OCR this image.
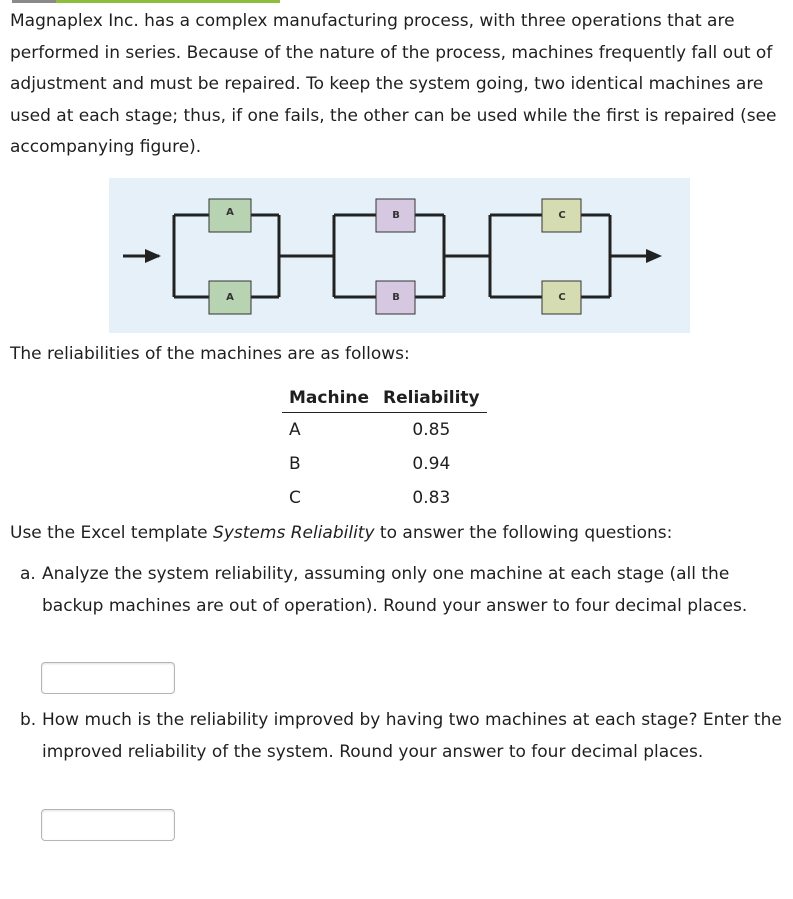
Magnaplex Inc. has a complex manufacturing process, with three operations that are performed in series. Because of the nature of the process, machines frequently fall out of adjustment and must be repaired. To keep the system going, two identical machines are used at each stage; thus, if one fails, the other can be used while the first is repaired (see accompanying figure).

A
A
B
B
C
C

The reliabilities of the machines are as follows:

Machine	Reliability
A	0.85
B	0.94
C	0.83

Use the Excel template Systems Reliability to answer the following questions:

a. Analyze the system reliability, assuming only one machine at each stage (all the backup machines are out of operation). Round your answer to four decimal places.
b. How much is the reliability improved by having two machines at each stage? Enter the improved reliability of the system. Round your answer to four decimal places.
